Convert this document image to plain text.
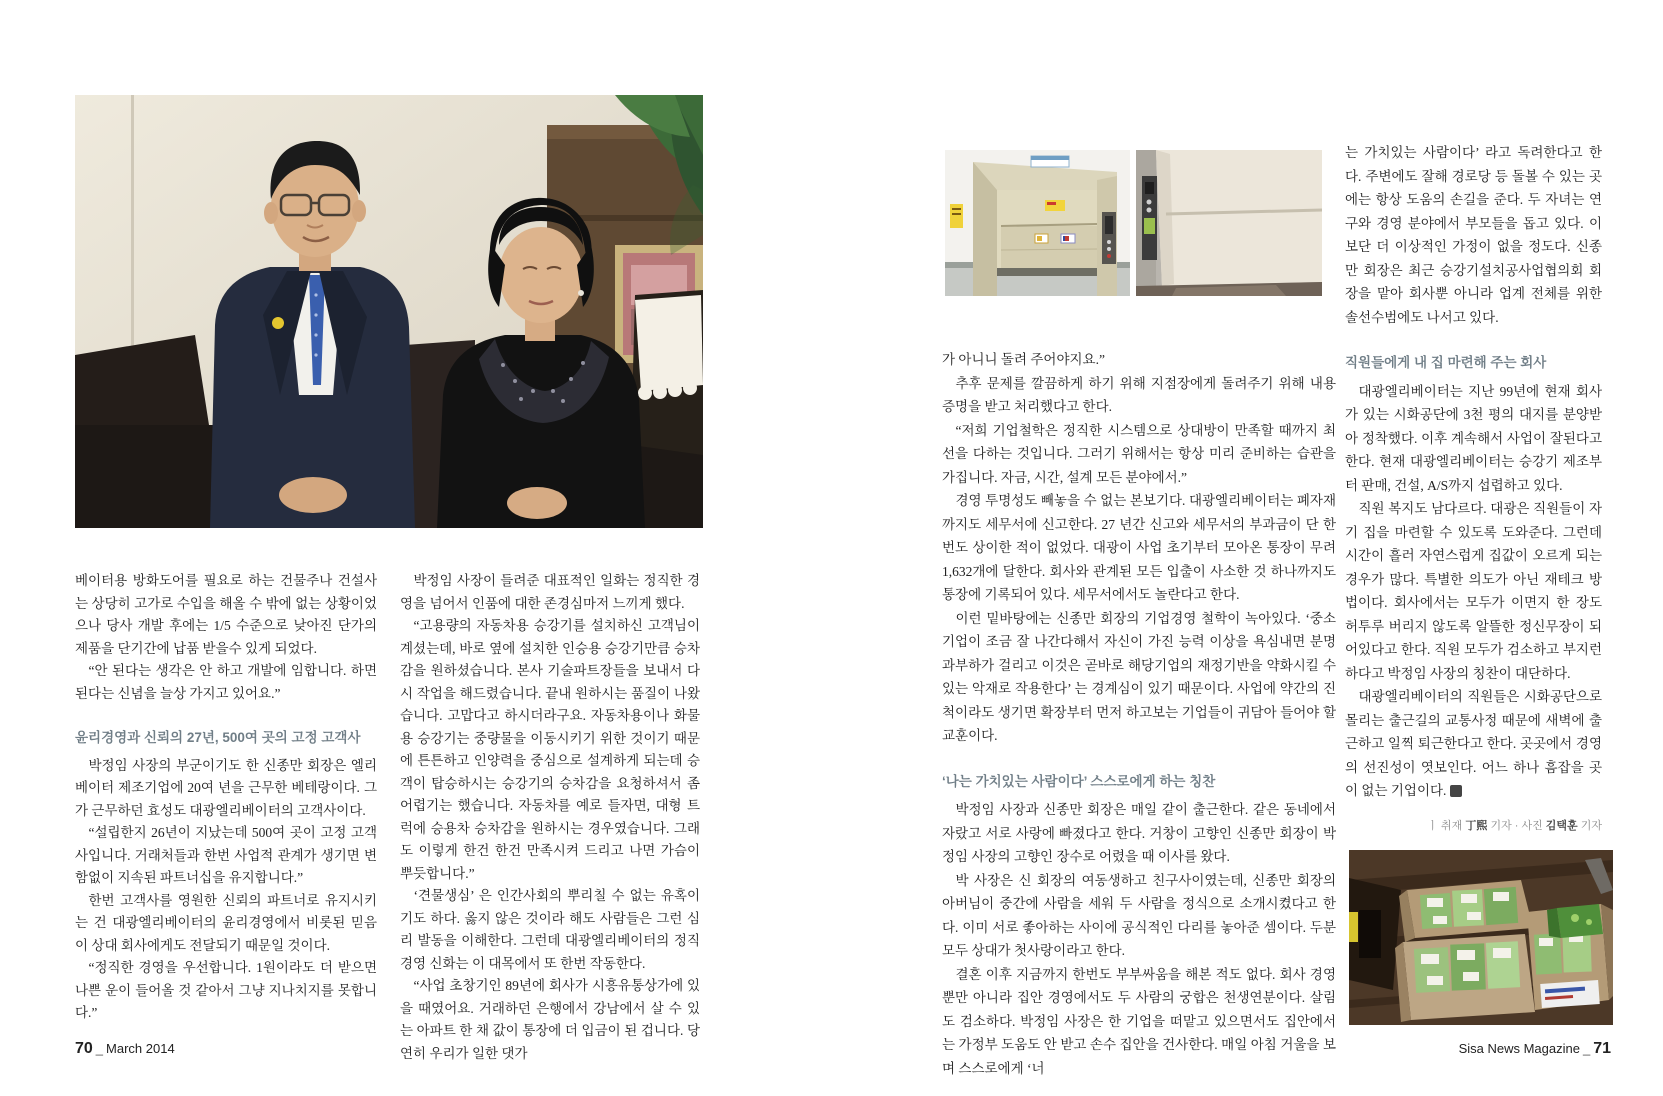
베이터용 방화도어를 필요로 하는 건물주나 건설사는 상당히 고가로 수입을 해올 수 밖에 없는 상황이었으나 당사 개발 후에는 1/5 수준으로 낮아진 단가의 제품을 단기간에 납품 받을수 있게 되었다.

“안 된다는 생각은 안 하고 개발에 임합니다. 하면 된다는 신념을 늘상 가지고 있어요.”

윤리경영과 신뢰의 27년, 500여 곳의 고정 고객사

박정임 사장의 부군이기도 한 신종만 회장은 엘리베이터 제조기업에 20여 년을 근무한 베테랑이다. 그가 근무하던 효성도 대광엘리베이터의 고객사이다.

“설립한지 26년이 지났는데 500여 곳이 고정 고객사입니다. 거래처들과 한번 사업적 관계가 생기면 변함없이 지속된 파트너십을 유지합니다.”

한번 고객사를 영원한 신뢰의 파트너로 유지시키는 건 대광엘리베이터의 윤리경영에서 비롯된 믿음이 상대 회사에게도 전달되기 때문일 것이다.

“정직한 경영을 우선합니다. 1원이라도 더 받으면 나쁜 운이 들어올 것 같아서 그냥 지나치지를 못합니다.”

박정임 사장이 들려준 대표적인 일화는 정직한 경영을 넘어서 인품에 대한 존경심마저 느끼게 했다.

“고용량의 자동차용 승강기를 설치하신 고객님이 계셨는데, 바로 옆에 설치한 인승용 승강기만큼 승차감을 원하셨습니다. 본사 기술파트장들을 보내서 다시 작업을 해드렸습니다. 끝내 원하시는 품질이 나왔습니다. 고맙다고 하시더라구요. 자동차용이나 화물용 승강기는 중량물을 이동시키기 위한 것이기 때문에 튼튼하고 인양력을 중심으로 설계하게 되는데 승객이 탑승하시는 승강기의 승차감을 요청하셔서 좀 어렵기는 했습니다. 자동차를 예로 들자면, 대형 트럭에 승용차 승차감을 원하시는 경우였습니다. 그래도 이렇게 한건 한건 만족시켜 드리고 나면 가슴이 뿌듯합니다.”

‘견물생심’ 은 인간사회의 뿌리칠 수 없는 유혹이기도 하다. 옳지 않은 것이라 해도 사람들은 그런 심리 발동을 이해한다. 그런데 대광엘리베이터의 정직경영 신화는 이 대목에서 또 한번 작동한다.

“사업 초창기인 89년에 회사가 시흥유통상가에 있을 때였어요. 거래하던 은행에서 강남에서 살 수 있는 아파트 한 채 값이 통장에 더 입금이 된 겁니다. 당연히 우리가 일한 댓가

70 _ March 2014

가 아니니 돌려 주어야지요.”

추후 문제를 깔끔하게 하기 위해 지점장에게 돌려주기 위해 내용 증명을 받고 처리했다고 한다.

“저희 기업철학은 정직한 시스템으로 상대방이 만족할 때까지 최선을 다하는 것입니다. 그러기 위해서는 항상 미리 준비하는 습관을 가집니다. 자금, 시간, 설계 모든 분야에서.”

경영 투명성도 빼놓을 수 없는 본보기다. 대광엘리베이터는 폐자재까지도 세무서에 신고한다. 27 년간 신고와 세무서의 부과금이 단 한번도 상이한 적이 없었다. 대광이 사업 초기부터 모아온 통장이 무려 1,632개에 달한다. 회사와 관계된 모든 입출이 사소한 것 하나까지도 통장에 기록되어 있다. 세무서에서도 놀란다고 한다.

이런 밑바탕에는 신종만 회장의 기업경영 철학이 녹아있다. ‘중소기업이 조금 잘 나간다해서 자신이 가진 능력 이상을 욕심내면 분명 과부하가 걸리고 이것은 곧바로 해당기업의 재정기반을 약화시킬 수 있는 악재로 작용한다’ 는 경계심이 있기 때문이다. 사업에 약간의 진척이라도 생기면 확장부터 먼저 하고보는 기업들이 귀담아 들어야 할 교훈이다.

‘나는 가치있는 사람이다’ 스스로에게 하는 칭찬

박정임 사장과 신종만 회장은 매일 같이 출근한다. 같은 동네에서 자랐고 서로 사랑에 빠졌다고 한다. 거창이 고향인 신종만 회장이 박정임 사장의 고향인 장수로 어렸을 때 이사를 왔다.

박 사장은 신 회장의 여동생하고 친구사이였는데, 신종만 회장의 아버님이 중간에 사람을 세워 두 사람을 정식으로 소개시켰다고 한다. 이미 서로 좋아하는 사이에 공식적인 다리를 놓아준 셈이다. 두분 모두 상대가 첫사랑이라고 한다.

결혼 이후 지금까지 한번도 부부싸움을 해본 적도 없다. 회사 경영뿐만 아니라 집안 경영에서도 두 사람의 궁합은 천생연분이다. 살림도 검소하다. 박정임 사장은 한 기업을 떠맡고 있으면서도 집안에서는 가정부 도움도 안 받고 손수 집안을 건사한다. 매일 아침 거울을 보며 스스로에게 ‘너

는 가치있는 사람이다’ 라고 독려한다고 한다. 주변에도 잘해 경로당 등 돌볼 수 있는 곳에는 항상 도움의 손길을 준다. 두 자녀는 연구와 경영 분야에서 부모들을 돕고 있다. 이보단 더 이상적인 가정이 없을 정도다. 신종만 회장은 최근 승강기설치공사업협의회 회장을 맡아 회사뿐 아니라 업계 전체를 위한 솔선수범에도 나서고 있다.

직원들에게 내 집 마련해 주는 회사

대광엘리베이터는 지난 99년에 현재 회사가 있는 시화공단에 3천 평의 대지를 분양받아 정착했다. 이후 계속해서 사업이 잘된다고 한다. 현재 대광엘리베이터는 승강기 제조부터 판매, 건설, A/S까지 섭렵하고 있다.

직원 복지도 남다르다. 대광은 직원들이 자기 집을 마련할 수 있도록 도와준다. 그런데 시간이 흘러 자연스럽게 집값이 오르게 되는 경우가 많다. 특별한 의도가 아닌 재테크 방법이다. 회사에서는 모두가 이면지 한 장도 허투루 버리지 않도록 알뜰한 정신무장이 되어있다고 한다. 직원 모두가 검소하고 부지런하다고 박정임 사장의 칭찬이 대단하다.

대광엘리베이터의 직원들은 시화공단으로 몰리는 출근길의 교통사정 때문에 새벽에 출근하고 일찍 퇴근한다고 한다. 곳곳에서 경영의 선진성이 엿보인다. 어느 하나 흠잡을 곳이 없는 기업이다. S

ㅣ 취재 丁熙 기자 · 사진 김택훈 기자

Sisa News Magazine _ 71
